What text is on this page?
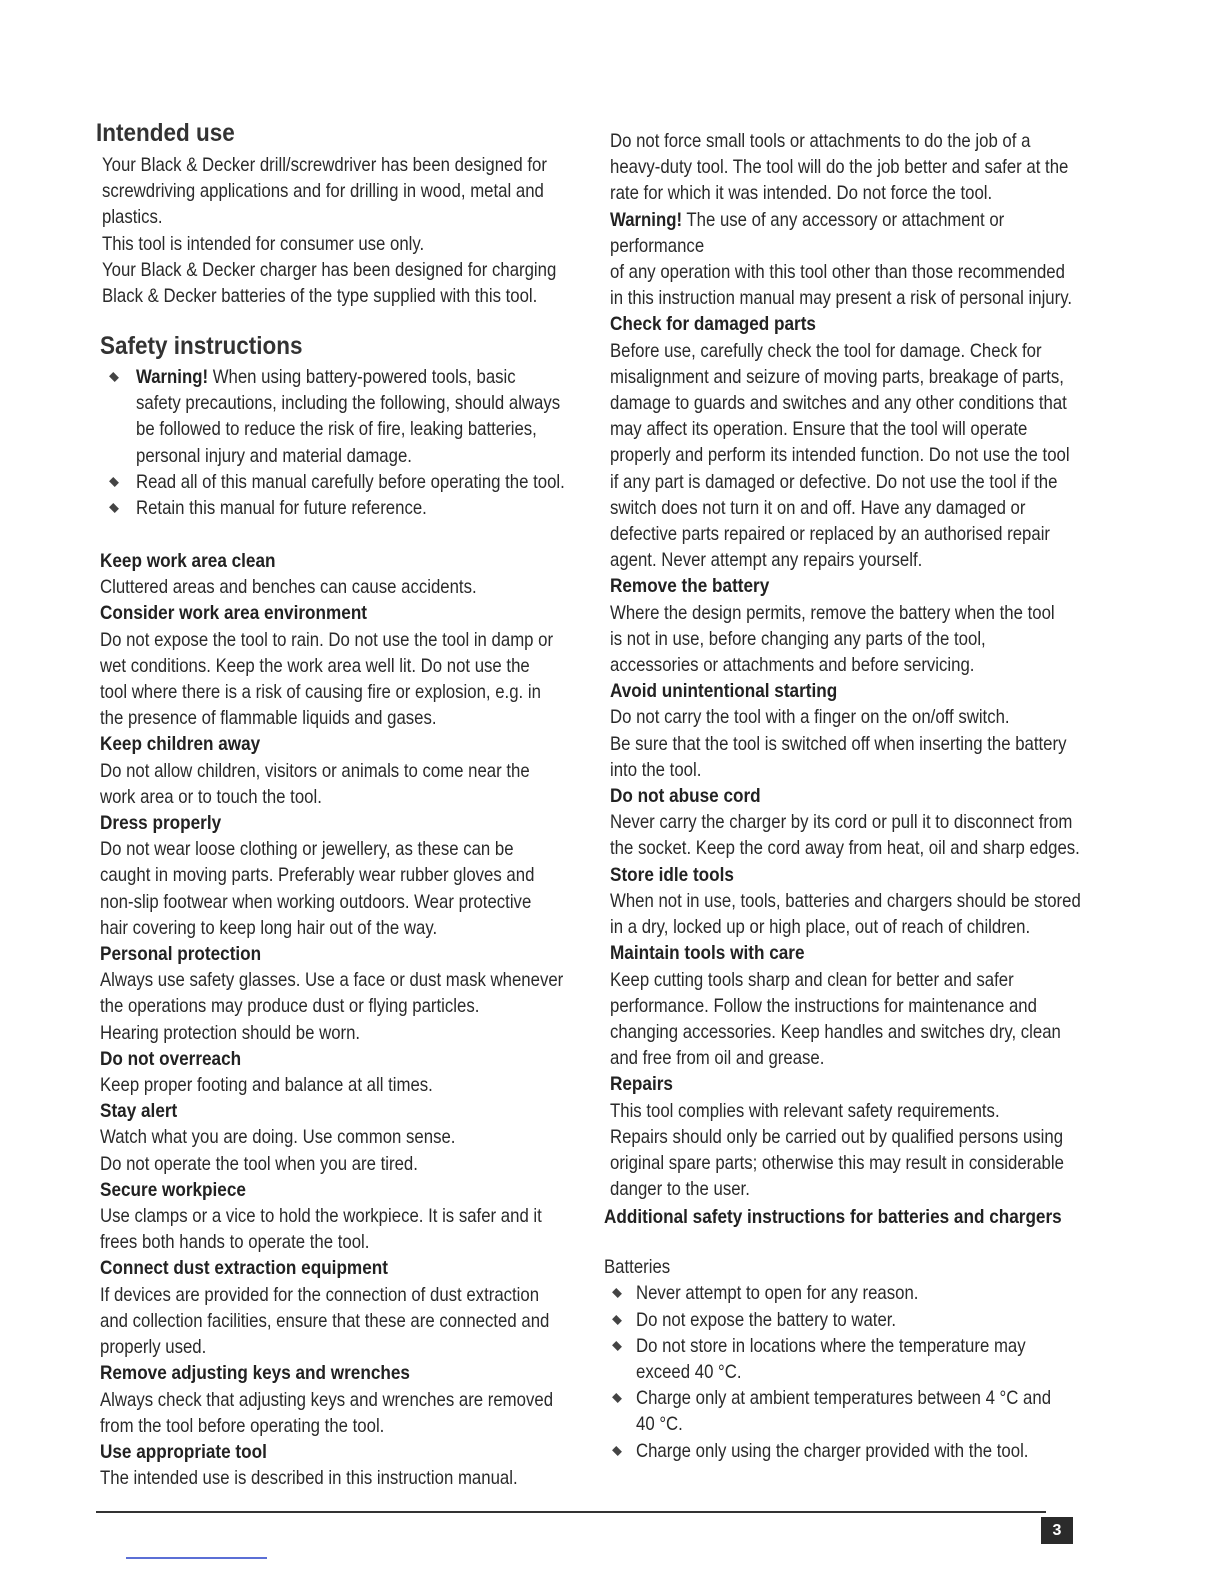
Intended use
Your Black & Decker drill/screwdriver has been designed for
screwdriving applications and for drilling in wood, metal and
plastics.
This tool is intended for consumer use only.
Your Black & Decker charger has been designed for charging
Black & Decker batteries of the type supplied with this tool.
Safety instructions
Warning! When using battery-powered tools, basic
safety precautions, including the following, should always
be followed to reduce the risk of fire, leaking batteries,
personal injury and material damage.
Read all of this manual carefully before operating the tool.
Retain this manual for future reference.
Keep work area clean
Cluttered areas and benches can cause accidents.
Consider work area environment
Do not expose the tool to rain. Do not use the tool in damp or
wet conditions. Keep the work area well lit. Do not use the
tool where there is a risk of causing fire or explosion, e.g. in
the presence of flammable liquids and gases.
Keep children away
Do not allow children, visitors or animals to come near the
work area or to touch the tool.
Dress properly
Do not wear loose clothing or jewellery, as these can be
caught in moving parts. Preferably wear rubber gloves and
non-slip footwear when working outdoors. Wear protective
hair covering to keep long hair out of the way.
Personal protection
Always use safety glasses. Use a face or dust mask whenever
the operations may produce dust or flying particles.
Hearing protection should be worn.
Do not overreach
Keep proper footing and balance at all times.
Stay alert
Watch what you are doing. Use common sense.
Do not operate the tool when you are tired.
Secure workpiece
Use clamps or a vice to hold the workpiece. It is safer and it
frees both hands to operate the tool.
Connect dust extraction equipment
If devices are provided for the connection of dust extraction
and collection facilities, ensure that these are connected and
properly used.
Remove adjusting keys and wrenches
Always check that adjusting keys and wrenches are removed
from the tool before operating the tool.
Use appropriate tool
The intended use is described in this instruction manual.
Do not force small tools or attachments to do the job of a
heavy-duty tool. The tool will do the job better and safer at the
rate for which it was intended. Do not force the tool.
Warning! The use of any accessory or attachment or performance
of any operation with this tool other than those recommended
in this instruction manual may present a risk of personal injury.
Check for damaged parts
Before use, carefully check the tool for damage. Check for
misalignment and seizure of moving parts, breakage of parts,
damage to guards and switches and any other conditions that
may affect its operation. Ensure that the tool will operate
properly and perform its intended function. Do not use the tool
if any part is damaged or defective. Do not use the tool if the
switch does not turn it on and off. Have any damaged or
defective parts repaired or replaced by an authorised repair
agent. Never attempt any repairs yourself.
Remove the battery
Where the design permits, remove the battery when the tool
is not in use, before changing any parts of the tool,
accessories or attachments and before servicing.
Avoid unintentional starting
Do not carry the tool with a finger on the on/off switch.
Be sure that the tool is switched off when inserting the battery
into the tool.
Do not abuse cord
Never carry the charger by its cord or pull it to disconnect from
the socket. Keep the cord away from heat, oil and sharp edges.
Store idle tools
When not in use, tools, batteries and chargers should be stored
in a dry, locked up or high place, out of reach of children.
Maintain tools with care
Keep cutting tools sharp and clean for better and safer
performance. Follow the instructions for maintenance and
changing accessories. Keep handles and switches dry, clean
and free from oil and grease.
Repairs
This tool complies with relevant safety requirements.
Repairs should only be carried out by qualified persons using
original spare parts; otherwise this may result in considerable
danger to the user.
Additional safety instructions for batteries and chargers
Batteries
Never attempt to open for any reason.
Do not expose the battery to water.
Do not store in locations where the temperature may
exceed 40 °C.
Charge only at ambient temperatures between 4 °C and
40 °C.
Charge only using the charger provided with the tool.
3
